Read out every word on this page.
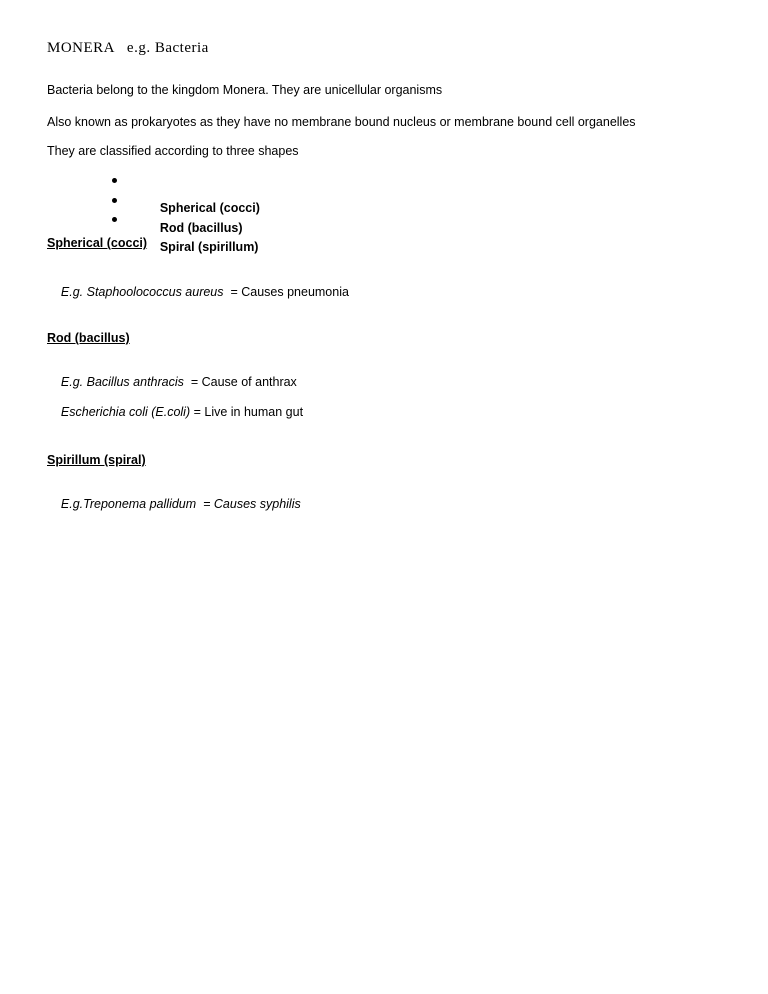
MONERA   e.g. Bacteria
Bacteria belong to the kingdom Monera. They are unicellular organisms
Also known as prokaryotes as they have no membrane bound nucleus or membrane bound cell organelles
They are classified according to three shapes

Spherical (cocci)

Rod (bacillus)

Spiral (spirillum)

Spherical (cocci)

E.g. Staphoolococcus aureus  = Causes pneumonia

Rod (bacillus)

E.g. Bacillus anthracis  = Cause of anthrax

Escherichia coli (E.coli) = Live in human gut

Spirillum (spiral)

E.g.Treponema pallidum  = Causes syphilis
